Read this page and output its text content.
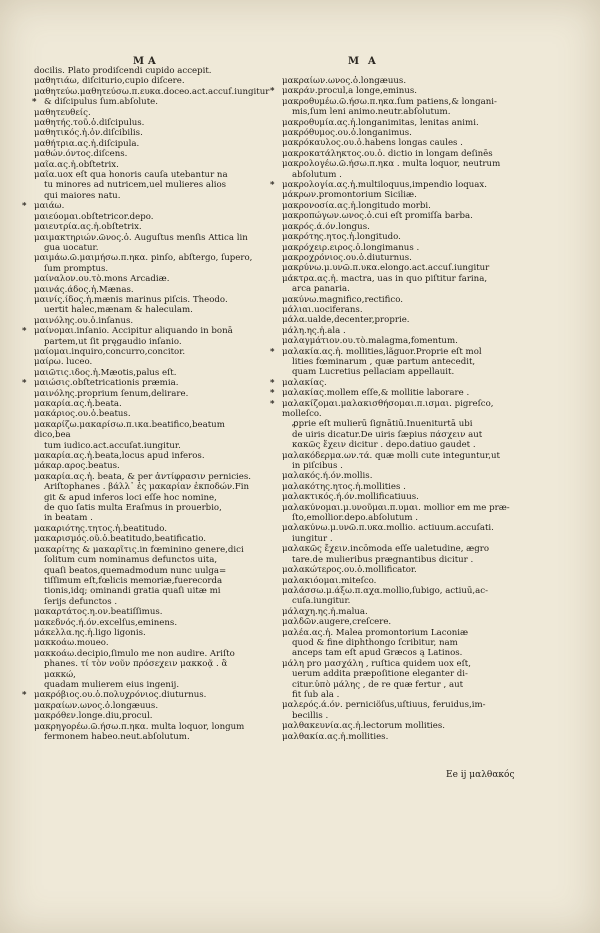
M A	M A

docilis. Plato prodiſcendi cupido accepit.

μαθητιάω, diſciturio,cupio diſcere.

μαθητεύω.μαθητεύσω.π.ευκα.doceo.act.accuſ.iungitur

* & diſcipulus ſum.abſolute.

μαθητευθείς.

μαθητής.τοῦ.ὁ.diſcipulus.

μαθητικός.ἡ.ὁν.diſcibilis.

μαθήτρια.ας.ἡ.diſcipula.

μαθών.όντος.diſcens.

μαῖα.ας.ἡ.obſtetrix.

μαῖα.uox eſt qua honoris cauſa utebantur na

tu minores ad nutricem,uel mulieres alios

qui maiores natu.

* μαιάω.

μαιεύομαι.obſtetricor.depo.

μαιευτρία.ας.ἡ.obſtetrix.

μαιμακτηριών.ῶνος.ὁ. Auguſtus menſis Attica lin

gua uocatur.

μαιμάω.ῶ.μαιμήσω.π.ηκα. pinſo, abſtergo, ſupero,

ſum promptus.

μαίναλον.ου.τὸ.mons Arcadiæ.

μαινάς.άδος.ἡ.Mænas.

μαινίς.ίδος.ἡ.mænis marinus piſcis. Theodo.

uertit halec,mænam & haleculam.

μαινόλης.ου.ὁ.inſanus.

* μαίνομαι.inſanio. Accipitur aliquando in bonā

partem,ut ſit pręgaudio inſanio.

μαίομαι.inquiro,concurro,concitor.

μαίρω. luceo.

μαιῶτις.ιδος.ἡ.Mæotis,palus eſt.

* μαιώσις.obſtetricationis præmia.

μαινόλης.proprium ſenum,delirare.

μακαρία.ας.ἡ.beata.

μακάριος.ου.ὁ.beatus.

μακαρίζω.μακαρίσω.π.ικα.beatifico,beatum dico,bea

tum iudico.act.accuſat.iungitur.

μακαρία.ας.ἡ.beata,locus apud inferos.

μάκαρ.αρος.beatus.

μακαρία.ας.ἡ. beata, & per ἀντίφρασιν pernicies.

Ariſtophanes . βάλλ᾽ ἐς μακαρίαν ἐκποδών.Fin

git & apud inferos loci eſſe hoc nomine,

de quo ſatis multa Eraſmus in prouerbio,

in beatam .

μακαριότης.τητος.ἡ.beatitudo.

μακαρισμός.οῦ.ὁ.beatitudo,beatificatio.

μακαρίτης & μακαρῖτις.in fœminino genere,dici

ſolitum cum nominamus defunctos uita,

quaſi beatos,quemadmodum nunc uulga=

tiſſimum eſt,fœlicis memoriæ,fuerecorda

tionis,idq; ominandi gratia quaſi uitæ mi

ſerijs defunctos .

μακαρτάτος.η.ον.beatiſſimus.

μακεδνός.ή.όν.excelſus,eminens.

μάκελλα.ης.ἡ.ligo ligonis.

μακκοάω.moueo.

μακκοάω.decipio,ſimulo me non audire. Ariſto

phanes. τί τὸν νοῦν πρόσεχειν μακκοᾷ . ἃ μακκώ,

quadam mulierem eius ingenij.

* μακρόβιος.ου.ὁ.πολυχρόνιος.diuturnus.

μακραίων.ωνος.ὁ.longæuus.

μακρόθεν.longe.diu,procul.

μακρηγορέω.ῶ.ήσω.π.ηκα. multa loquor, longum

fermonem habeo.neut.abſolutum.

μακραίων.ωνος.ὁ.longæuus.

* μακράν.procul,a longe,eminus.

μακροθυμέω.ῶ.ήσω.π.ηκα.ſum patiens,& longani-

mis,ſum leni animo.neutr.abſolutum.

μακροθυμία.ας.ἡ.longanimitas, lenitas animi.

μακρόθυμος.ου.ὁ.longanimus.

μακρόκαυλος.ου.ὁ.habens longas caules .

μακροκατάληκτος.ου.ὁ. dictio in longam deſinēs

μακρολογέω.ῶ.ήσω.π.ηκα . multa loquor, neutrum

abſolutum .

* μακρολογία.ας.ἡ.multiloquus,impendio loquax.

μάκρων.promontorium Siciliæ.

μακρονοσία.ας.ἡ.longitudo morbi.

μακροπώγων.ωνος.ὁ.cui eſt promiſſa barba.

μακρός.ά.όν.longus.

μακρότης.ητος.ἡ.longitudo.

μακρόχειρ.ειρος.ὁ.longimanus .

μακροχρόνιος.ου.ὁ.diuturnus.

μακρύνω.μ.υνῶ.π.υκα.elongo.act.accuſ.iungitur

μάκτρα.ας.ἡ. mactra, uas in quo piſtitur farina,

arca panaria.

μακύνω.magnifico,rectifico.

μάλιαι.uociferans.

μάλα.ualde,decenter,proprie.

μάλη.ης.ἡ.ala .

μαλαγμάτιον.ου.τὸ.malagma,fomentum.

* μαλακία.ας.ἡ. mollities,lãguor.Proprie eſt mol

lities fœminarum , quæ partum antecedit,

quam Lucretius pellaciam appellauit.

* μαλακίας.

* μαλακίας.mollem eſſe,& mollitie laborare .

* μαλακίζομαι.μαλακισθήσομαι.π.ισμαι. pigreſco, molleſco.

ꝓprie eſt mulierū ſignātiū.Inueniturtā ubi

de uiris dicatur.De uiris ſæpius πάσχειν aut

κακῶς ἔχειν dicitur . depo.datiuo gaudet .

μαλακόδερμα.ων.τά. quæ molli cute integuntur,ut

in piſcibus .

μαλακός.ή.όν.mollis.

μαλακότης.ητος.ἡ.mollities .

μαλακτικός.ή.όν.mollificatiuus.

μαλακύνομαι.μ.υνοῦμαι.π.υμαι. mollior em me præ-

ſto,emollior.depo.abſolutum .

μαλακύνω.μ.υνῶ.π.υκα.mollio. actiuum.accuſati.

iungitur .

μαλακῶς ἔχειν.incōmoda eſſe ualetudine, ægro

tare.de mulieribus prægnantibus dicitur .

μαλακώτερος.ου.ὁ.mollificator.

μαλακιόομαι.miteſco.

μαλάσσω.μ.άξω.π.αχα.mollio,ſubigo, actiuū,ac-

cuſa.iungitur.

μάλαχη.ης.ἡ.malua.

μαλδῶν.augere,creſcere.

μαλέα.ας.ἡ. Malea promontorium Laconiæ

quod & fine diphthongo ſcribitur, nam

anceps tam eſt apud Græcos ą Latinos.

μάλη pro μασχάλη , ruſtica quidem uox eſt,

uerum addita præpoſitione eleganter di-

citur.ὑπὸ μάλης , de re quæ fertur , aut

fit ſub ala .

μαλερός.ά.όν. perniciöſus,uſtiuus, feruidus,im-

becillis .

μαλθακευνία.ας.ἡ.lectorum mollities.

μαλθακία.ας.ἡ.mollities.

Ee ij μαλθακός
